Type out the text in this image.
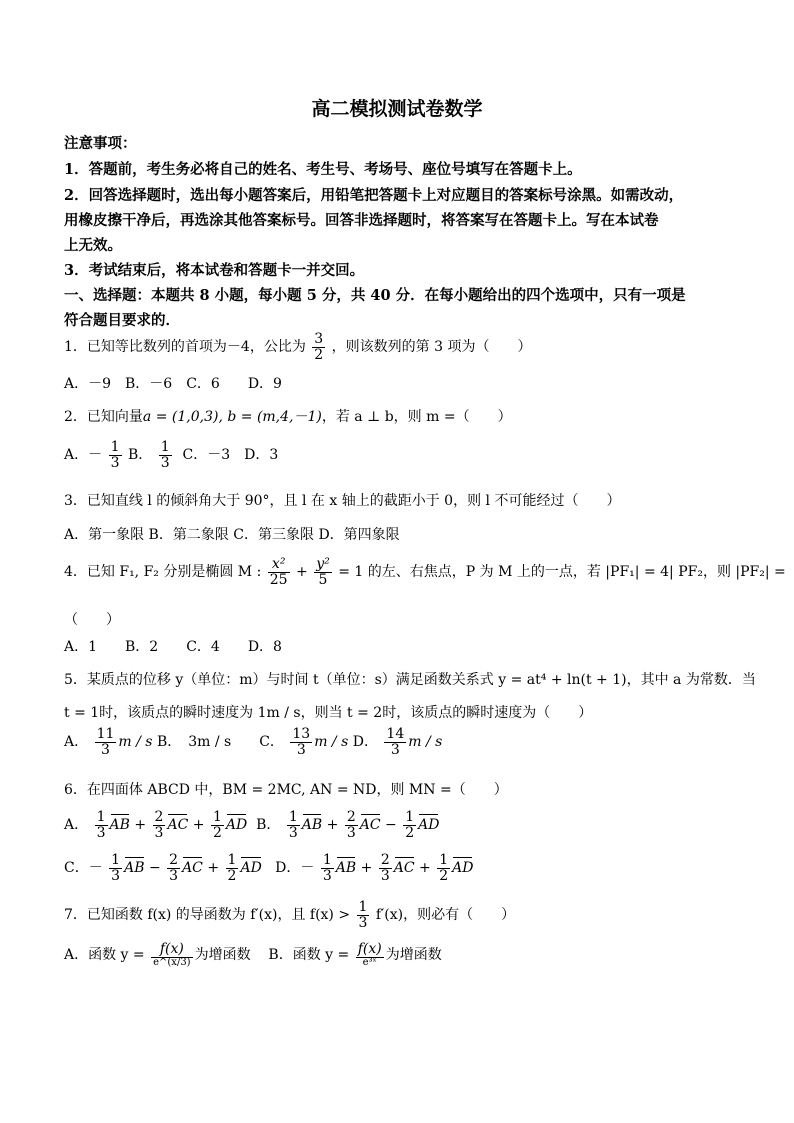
高二模拟测试卷数学
注意事项：
1．答题前，考生务必将自己的姓名、考生号、考场号、座位号填写在答题卡上。
2．回答选择题时，选出每小题答案后，用铅笔把答题卡上对应题目的答案标号涂黑。如需改动，
用橡皮擦干净后，再选涂其他答案标号。回答非选择题时，将答案写在答题卡上。写在本试卷
上无效。
3．考试结束后，将本试卷和答题卡一并交回。
一、选择题：本题共 8 小题，每小题 5 分，共 40 分．在每小题给出的四个选项中，只有一项是
符合题目要求的．
1．已知等比数列的首项为－4，公比为 $\frac{3}{2}$ ，则该数列的第 3 项为（　　）
A．－9　B．－6　C．6　　D．9
2．已知向量a = (1,0,3), b = (m,4,－1)，若 a ⊥ b，则 m =（　　）
A．－ $\frac{1}{3}$ B． $\frac{1}{3}$ C．－3　D．3
3．已知直线 l 的倾斜角大于 90°，且 l 在 x 轴上的截距小于 0，则 l 不可能经过（　　）
A．第一象限 B．第二象限 C．第三象限 D．第四象限
4．已知 F₁, F₂ 分别是椭圆 M : $\frac{\text{x²}}{25} + \frac{\text{y²}}{5} = 1$ 的左、右焦点，P 为 M 上的一点，若 |PF₁| = 4| PF₂，则 |PF₂| =
（　　）
A．1　　B．2　　C．4　　D．8
5．某质点的位移 y（单位：m）与时间 t（单位：s）满足函数关系式 y = at⁴ + ln(t + 1)，其中 a 为常数．当
t = 1时，该质点的瞬时速度为 1m / s，则当 t = 2时，该质点的瞬时速度为（　　）
A． $\frac{11}{3}$ m / s B．　3m / s　　C． $\frac{13}{3}$ m / s D． $\frac{14}{3}$ m / s
6．在四面体 ABCD 中，BM = 2MC, AN = ND，则 MN =（　　）
A． $\frac{1}{3}$ AB + $\frac{2}{3}$ AC + $\frac{1}{2}$ AD B． $\frac{1}{3}$ AB + $\frac{2}{3}$ AC − $\frac{1}{2}$ AD
C．－ $\frac{1}{3}$ AB − $\frac{2}{3}$ AC + $\frac{1}{2}$ AD D．－ $\frac{1}{3}$ AB + $\frac{2}{3}$ AC + $\frac{1}{2}$ AD
7．已知函数 f(x) 的导函数为 f′(x)，且 $f(x) > \frac{1}{3} f'(x)$，则必有（　　）
A．函数 y =	f(x)
e^(x/3) 为增函数 B．函数 y = f(x)
e³ˣ 为增函数
